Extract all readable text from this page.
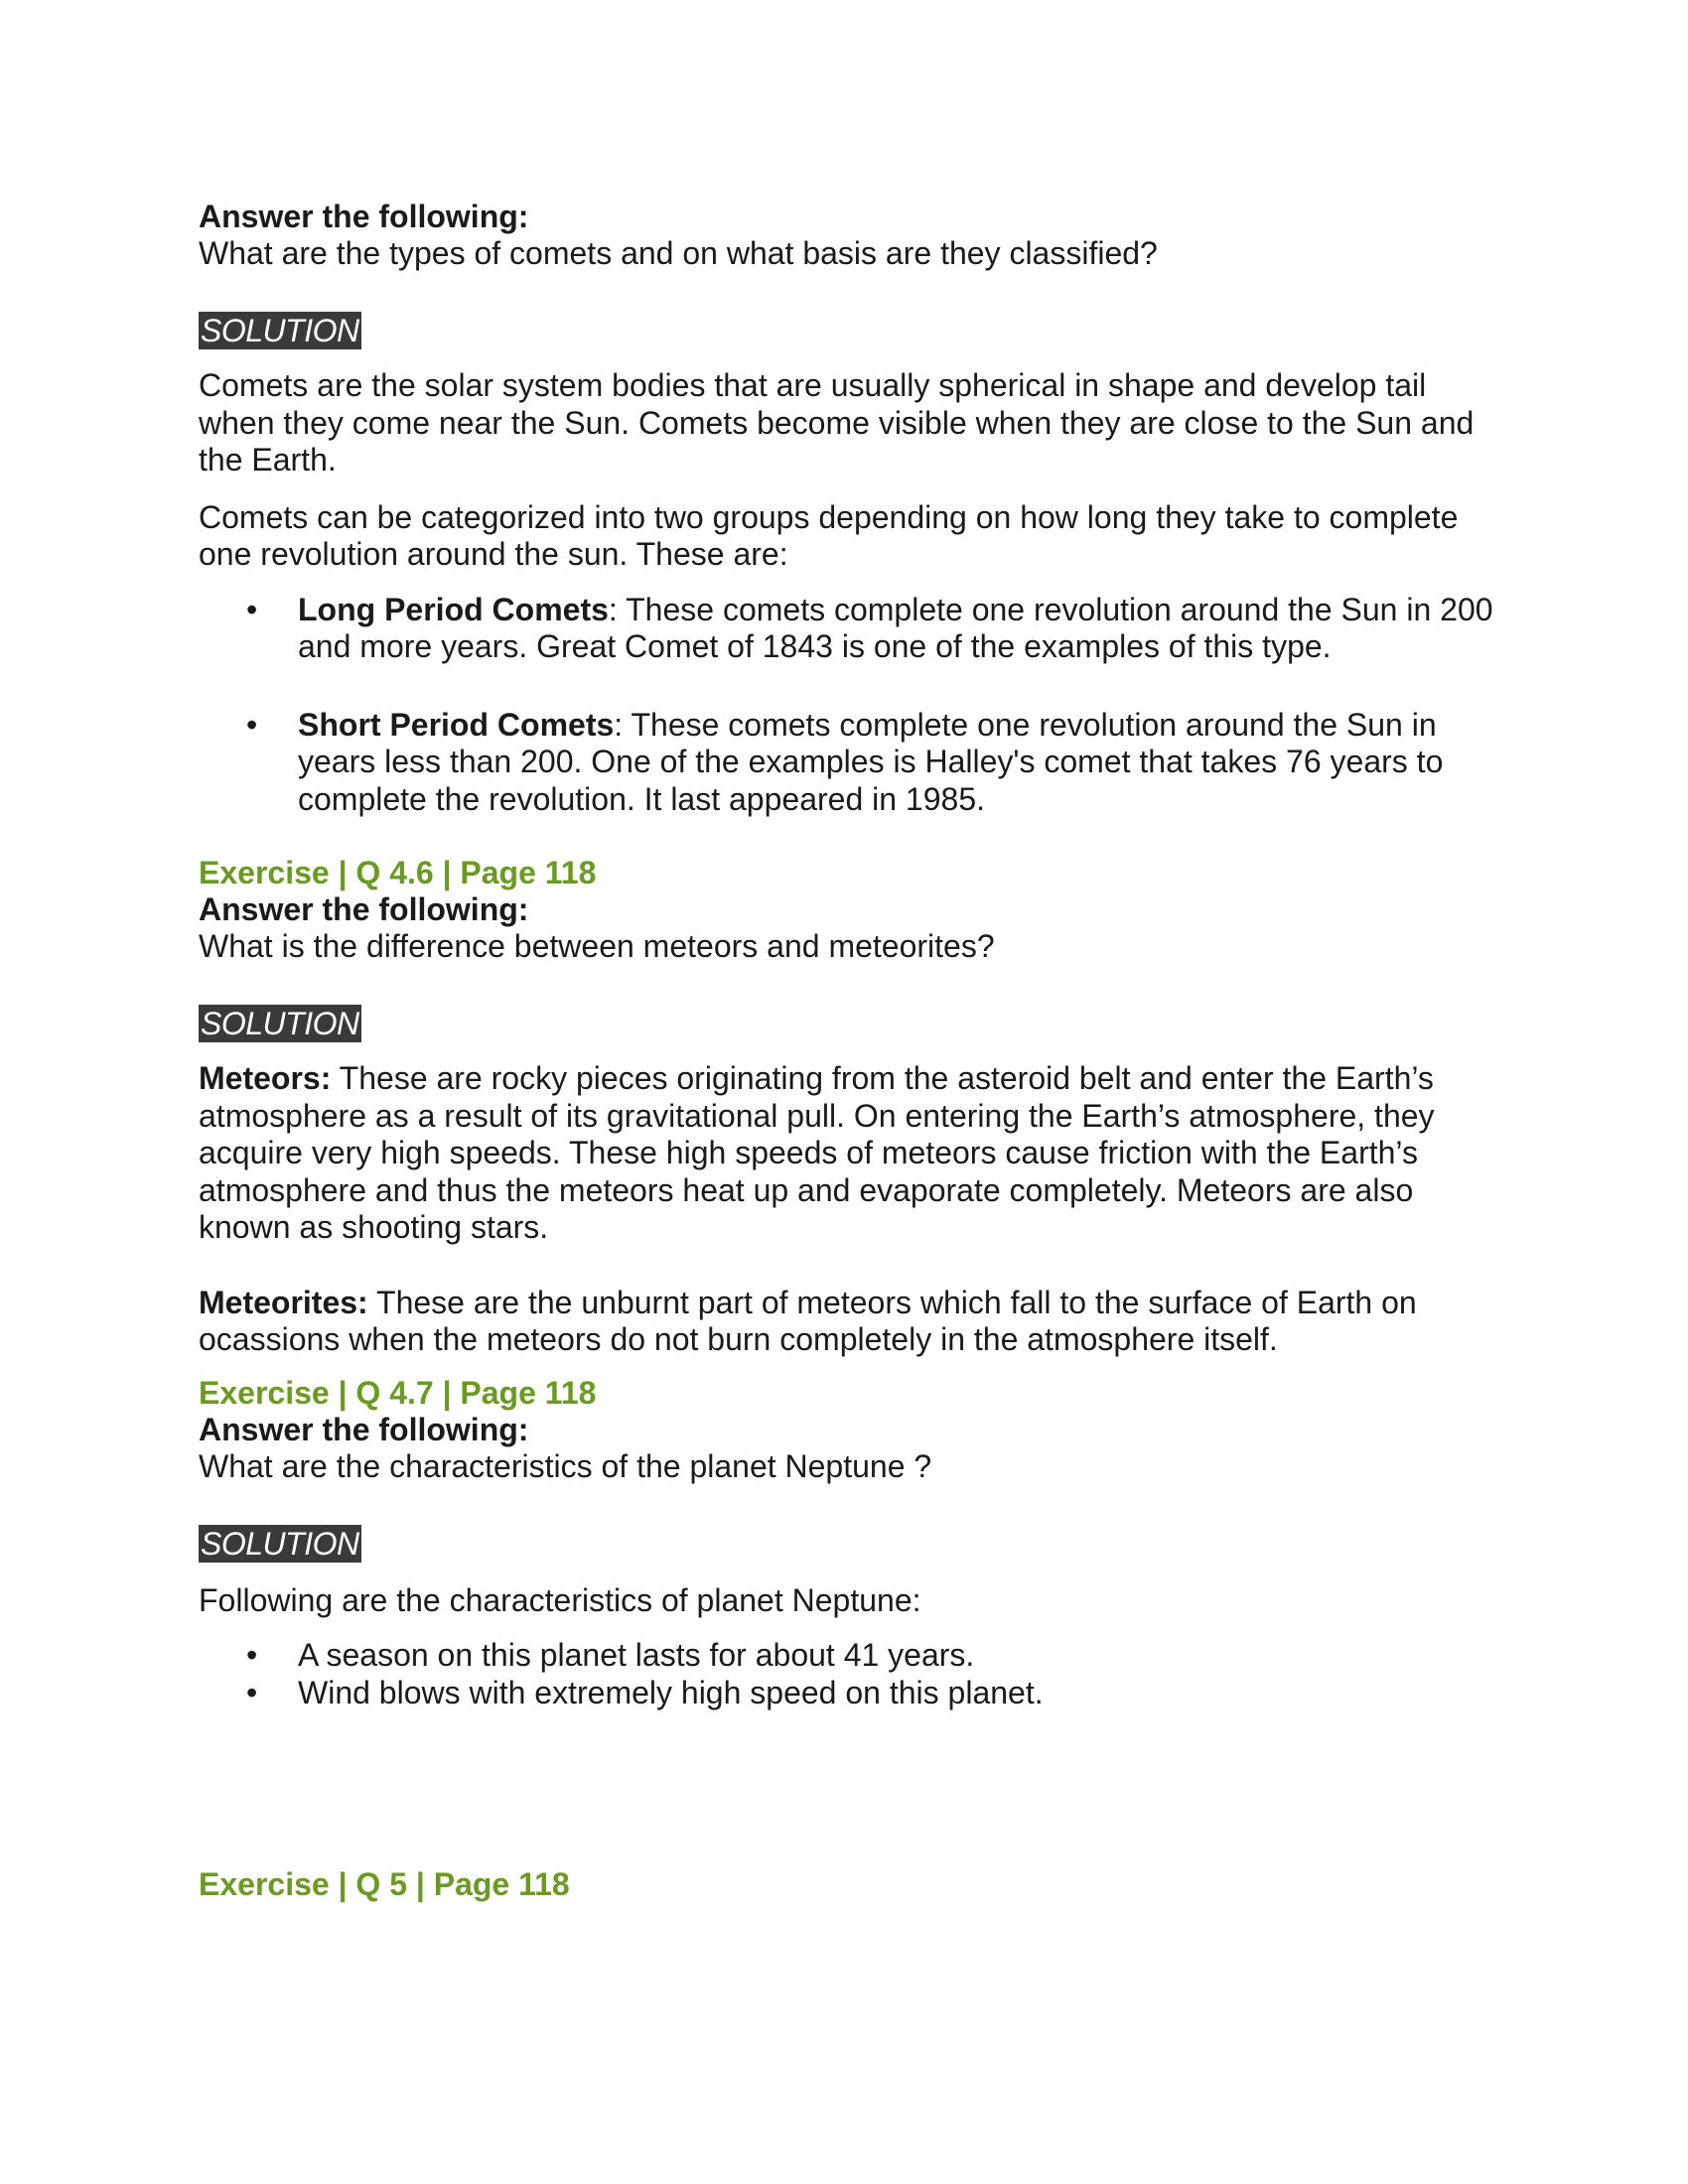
Answer the following:

What are the types of comets and on what basis are they classified?

SOLUTION

Comets are the solar system bodies that are usually spherical in shape and develop tail when they come near the Sun. Comets become visible when they are close to the Sun and the Earth.

Comets can be categorized into two groups depending on how long they take to complete one revolution around the sun. These are:

• Long Period Comets: These comets complete one revolution around the Sun in 200 and more years. Great Comet of 1843 is one of the examples of this type.
• Short Period Comets: These comets complete one revolution around the Sun in years less than 200. One of the examples is Halley's comet that takes 76 years to complete the revolution. It last appeared in 1985.

Exercise | Q 4.6 | Page 118

Answer the following:

What is the difference between meteors and meteorites?

SOLUTION

Meteors: These are rocky pieces originating from the asteroid belt and enter the Earth’s atmosphere as a result of its gravitational pull. On entering the Earth’s atmosphere, they acquire very high speeds. These high speeds of meteors cause friction with the Earth’s atmosphere and thus the meteors heat up and evaporate completely. Meteors are also known as shooting stars.

Meteorites: These are the unburnt part of meteors which fall to the surface of Earth on ocassions when the meteors do not burn completely in the atmosphere itself.

Exercise | Q 4.7 | Page 118

Answer the following:

What are the characteristics of the planet Neptune ?

SOLUTION

Following are the characteristics of planet Neptune:

• A season on this planet lasts for about 41 years.
• Wind blows with extremely high speed on this planet.

Exercise | Q 5 | Page 118
